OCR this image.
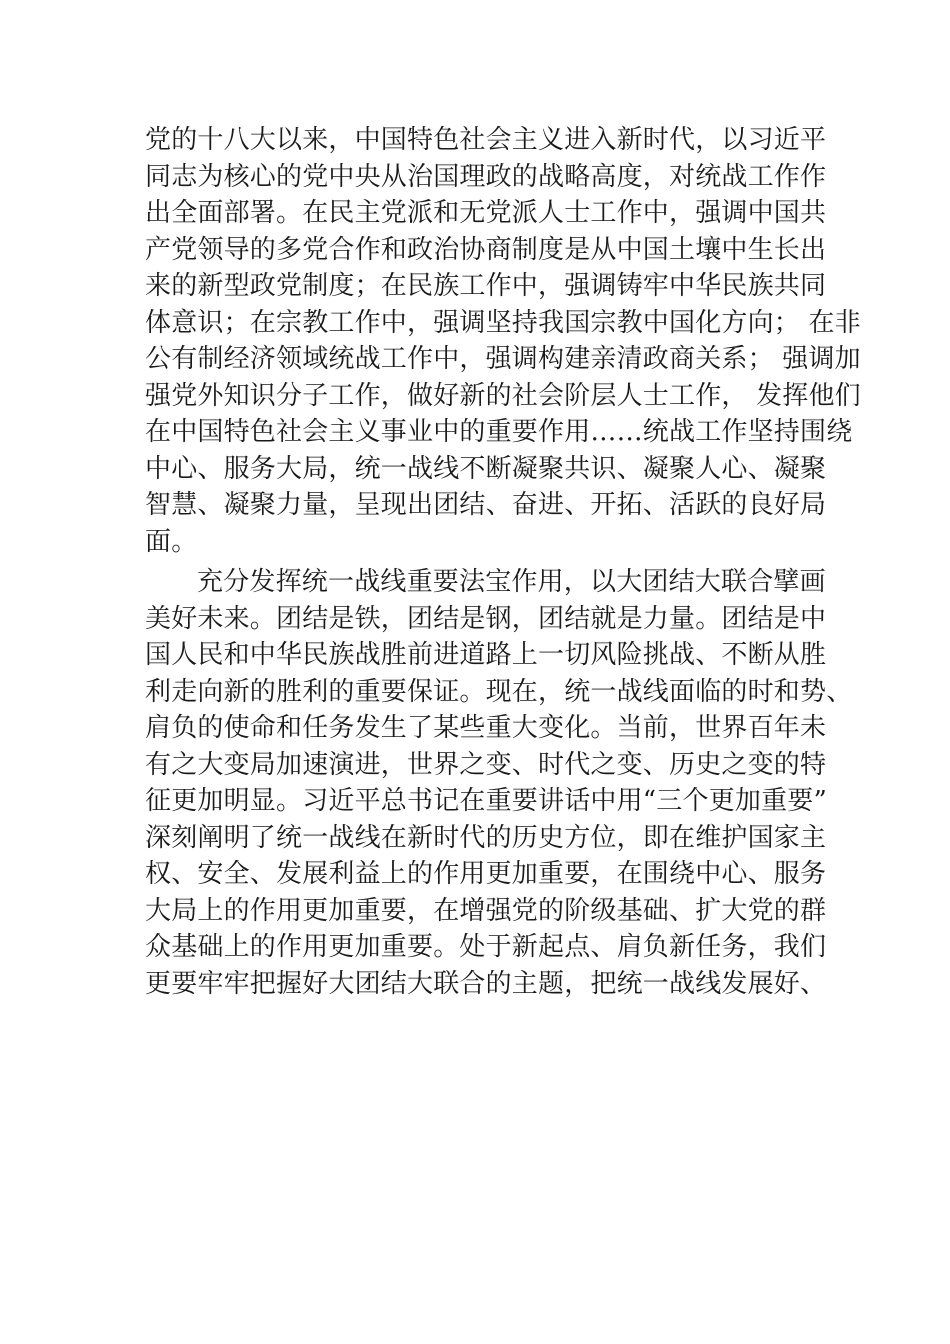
党的十八大以来，中国特色社会主义进入新时代，以习近平
同志为核心的党中央从治国理政的战略高度，对统战工作作
出全面部署。在民主党派和无党派人士工作中，强调中国共
产党领导的多党合作和政治协商制度是从中国土壤中生长出
来的新型政党制度；在民族工作中，强调铸牢中华民族共同
体意识；在宗教工作中，强调坚持我国宗教中国化方向； 在非
公有制经济领域统战工作中，强调构建亲清政商关系； 强调加
强党外知识分子工作，做好新的社会阶层人士工作， 发挥他们
在中国特色社会主义事业中的重要作用……统战工作坚持围绕
中心、服务大局，统一战线不断凝聚共识、凝聚人心、凝聚
智慧、凝聚力量，呈现出团结、奋进、开拓、活跃的良好局
面。
充分发挥统一战线重要法宝作用，以大团结大联合擘画
美好未来。团结是铁，团结是钢，团结就是力量。团结是中
国人民和中华民族战胜前进道路上一切风险挑战、不断从胜
利走向新的胜利的重要保证。现在，统一战线面临的时和势、
肩负的使命和任务发生了某些重大变化。当前，世界百年未
有之大变局加速演进，世界之变、时代之变、历史之变的特
征更加明显。习近平总书记在重要讲话中用“三个更加重要”
深刻阐明了统一战线在新时代的历史方位，即在维护国家主
权、安全、发展利益上的作用更加重要，在围绕中心、服务
大局上的作用更加重要，在增强党的阶级基础、扩大党的群
众基础上的作用更加重要。处于新起点、肩负新任务，我们
更要牢牢把握好大团结大联合的主题，把统一战线发展好、
